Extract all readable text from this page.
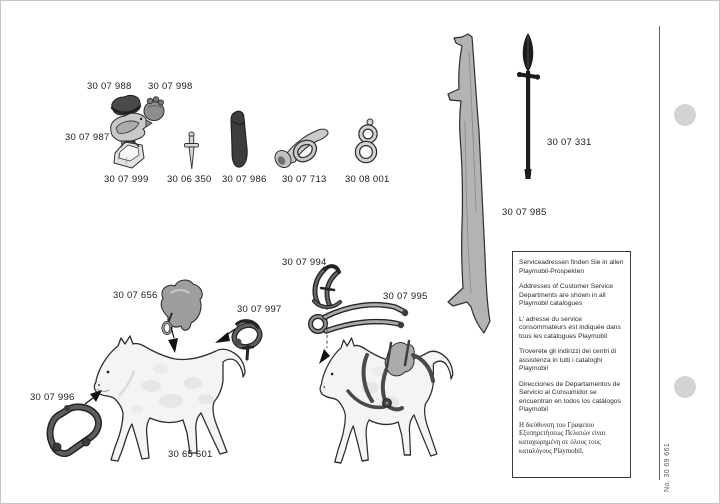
30 07 988 30 07 998
30 07 987
30 07 999 30 06 350 30 07 986 30 07 713 30 08 001
30 07 331
30 07 985
30 07 656
30 07 997
30 07 994
30 07 995
30 07 996
30 65 601

Serviceadressen finden Sie in allen Playmobil-Prospekten

Addresses of Customer Service Departments are shown in all Playmobil catalogues

L' adresse du service consommateurs est indiquée dans tous les catalogues Playmobil

Troverete gli indirizzi dei centri di assistenza in tutti i cataloghi Playmobil

Direcciones de Departamentos de Servicio al Consumidor se encuentran en todos los catálogos Playmobil

Η διεύθυνση του Γραφείου Εξυπηρετήσεως Πελατών είναι καταχωρημένη σε όλους τους καταλόγους Playmobil.	No. 30 69 661
